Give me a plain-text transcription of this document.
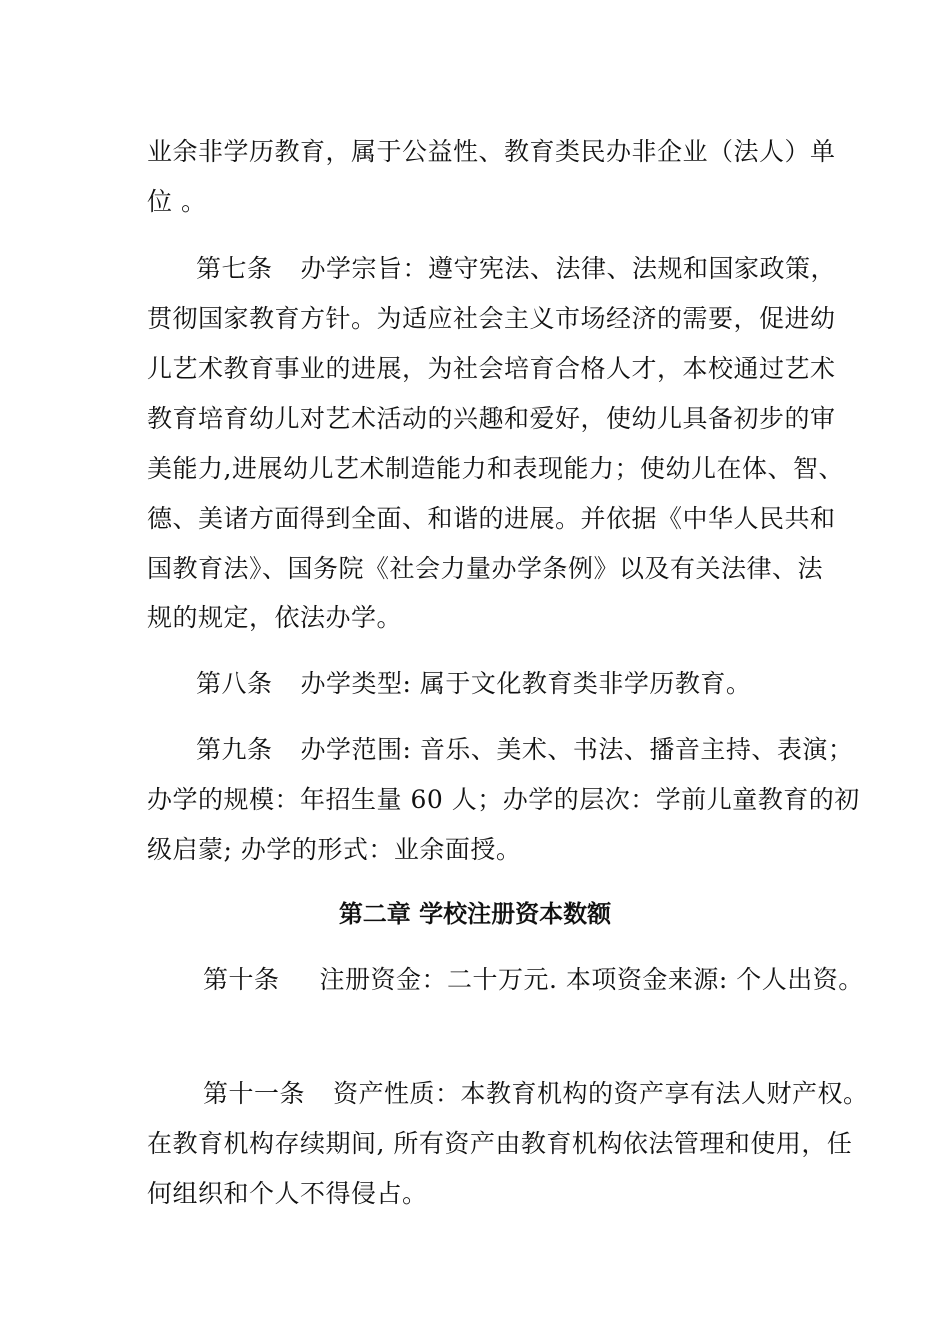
业余非学历教育，属于公益性、教育类民办非企业（法人）单
位 。
第七条 办学宗旨：遵守宪法、法律、法规和国家政策，
贯彻国家教育方针。为适应社会主义市场经济的需要，促进幼
儿艺术教育事业的进展，为社会培育合格人才，本校通过艺术
教育培育幼儿对艺术活动的兴趣和爱好，使幼儿具备初步的审
美能力,进展幼儿艺术制造能力和表现能力；使幼儿在体、智、
德、美诸方面得到全面、和谐的进展。并依据《中华人民共和
国教育法》、国务院《社会力量办学条例》以及有关法律、法
规的规定，依法办学。
第八条 办学类型: 属于文化教育类非学历教育。
第九条 办学范围: 音乐、美术、书法、播音主持、表演；
办学的规模：年招生量 60 人；办学的层次：学前儿童教育的初
级启蒙; 办学的形式：业余面授。
第二章 学校注册资本数额
第十条 注册资金：二十万元. 本项资金来源: 个人出资。
第十一条 资产性质：本教育机构的资产享有法人财产权。
在教育机构存续期间, 所有资产由教育机构依法管理和使用，任
何组织和个人不得侵占。
